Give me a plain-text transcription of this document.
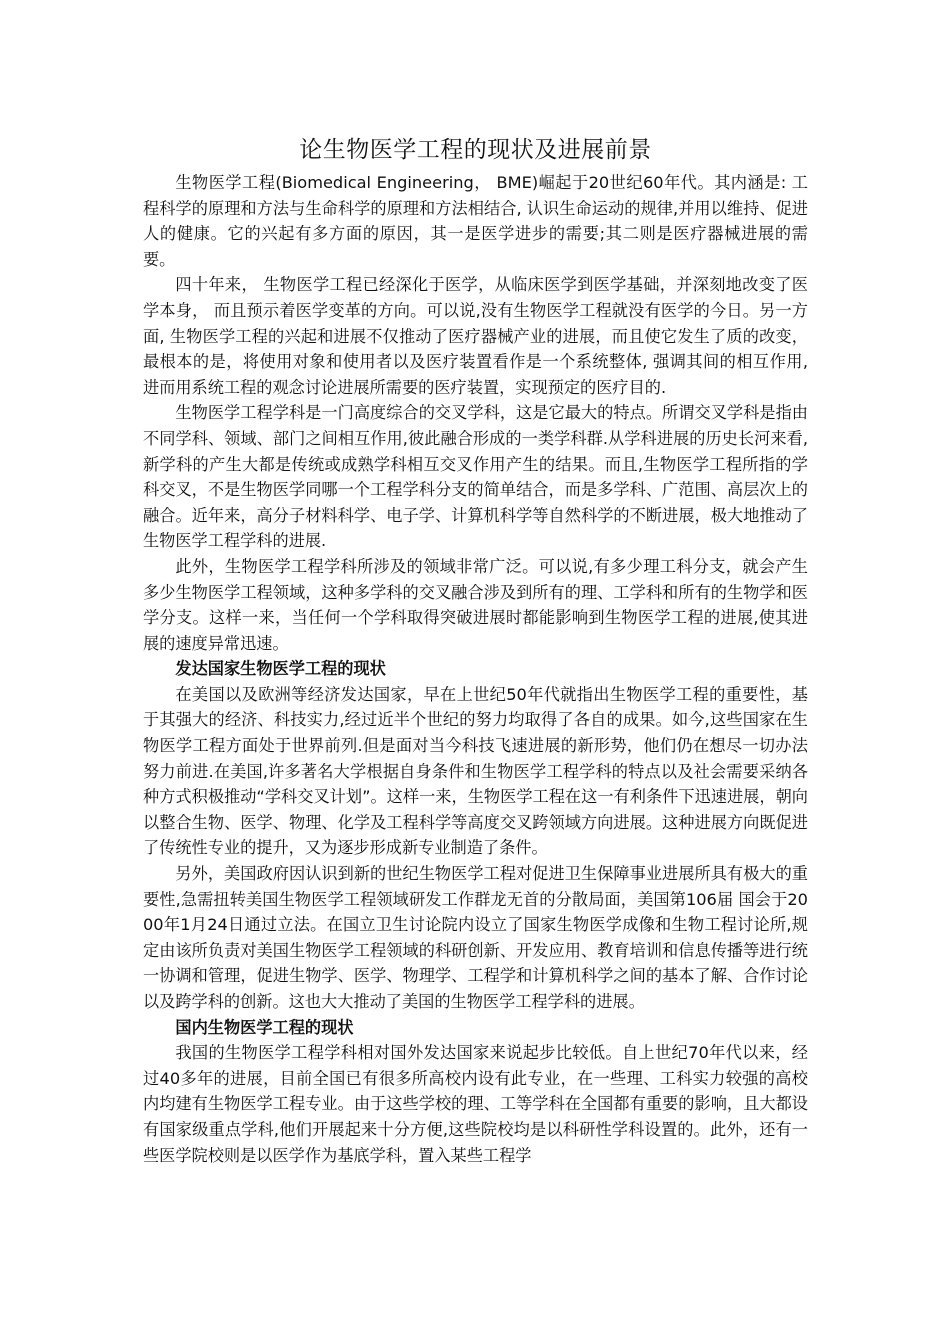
论生物医学工程的现状及进展前景

生物医学工程(Biomedical Engineering， BME)崛起于20世纪60年代。其内涵是: 工程科学的原理和方法与生命科学的原理和方法相结合, 认识生命运动的规律,并用以维持、促进人的健康。它的兴起有多方面的原因，其一是医学进步的需要;其二则是医疗器械进展的需要。

四十年来， 生物医学工程已经深化于医学，从临床医学到医学基础，并深刻地改变了医学本身， 而且预示着医学变革的方向。可以说,没有生物医学工程就没有医学的今日。另一方面, 生物医学工程的兴起和进展不仅推动了医疗器械产业的进展，而且使它发生了质的改变，最根本的是，将使用对象和使用者以及医疗装置看作是一个系统整体, 强调其间的相互作用, 进而用系统工程的观念讨论进展所需要的医疗装置，实现预定的医疗目的.

生物医学工程学科是一门高度综合的交叉学科，这是它最大的特点。所谓交叉学科是指由不同学科、领域、部门之间相互作用,彼此融合形成的一类学科群.从学科进展的历史长河来看,新学科的产生大都是传统或成熟学科相互交叉作用产生的结果。而且,生物医学工程所指的学科交叉，不是生物医学同哪一个工程学科分支的简单结合，而是多学科、广范围、高层次上的融合。近年来，高分子材料科学、电子学、计算机科学等自然科学的不断进展，极大地推动了生物医学工程学科的进展.

此外，生物医学工程学科所涉及的领域非常广泛。可以说,有多少理工科分支，就会产生多少生物医学工程领域，这种多学科的交叉融合涉及到所有的理、工学科和所有的生物学和医学分支。这样一来，当任何一个学科取得突破进展时都能影响到生物医学工程的进展,使其进展的速度异常迅速。

发达国家生物医学工程的现状

在美国以及欧洲等经济发达国家，早在上世纪50年代就指出生物医学工程的重要性，基于其强大的经济、科技实力,经过近半个世纪的努力均取得了各自的成果。如今,这些国家在生物医学工程方面处于世界前列.但是面对当今科技飞速进展的新形势，他们仍在想尽一切办法努力前进.在美国,许多著名大学根据自身条件和生物医学工程学科的特点以及社会需要采纳各种方式积极推动“学科交叉计划”。这样一来，生物医学工程在这一有利条件下迅速进展，朝向以整合生物、医学、物理、化学及工程科学等高度交叉跨领域方向进展。这种进展方向既促进了传统性专业的提升，又为逐步形成新专业制造了条件。

另外，美国政府因认识到新的世纪生物医学工程对促进卫生保障事业进展所具有极大的重要性,急需扭转美国生物医学工程领域研发工作群龙无首的分散局面，美国第106届 国会于2000年1月24日通过立法。在国立卫生讨论院内设立了国家生物医学成像和生物工程讨论所,规定由该所负责对美国生物医学工程领域的科研创新、开发应用、教育培训和信息传播等进行统一协调和管理，促进生物学、医学、物理学、工程学和计算机科学之间的基本了解、合作讨论以及跨学科的创新。这也大大推动了美国的生物医学工程学科的进展。

国内生物医学工程的现状

我国的生物医学工程学科相对国外发达国家来说起步比较低。自上世纪70年代以来，经过40多年的进展，目前全国已有很多所高校内设有此专业，在一些理、工科实力较强的高校内均建有生物医学工程专业。由于这些学校的理、工等学科在全国都有重要的影响，且大都设有国家级重点学科,他们开展起来十分方便,这些院校均是以科研性学科设置的。此外，还有一些医学院校则是以医学作为基底学科，置入某些工程学
